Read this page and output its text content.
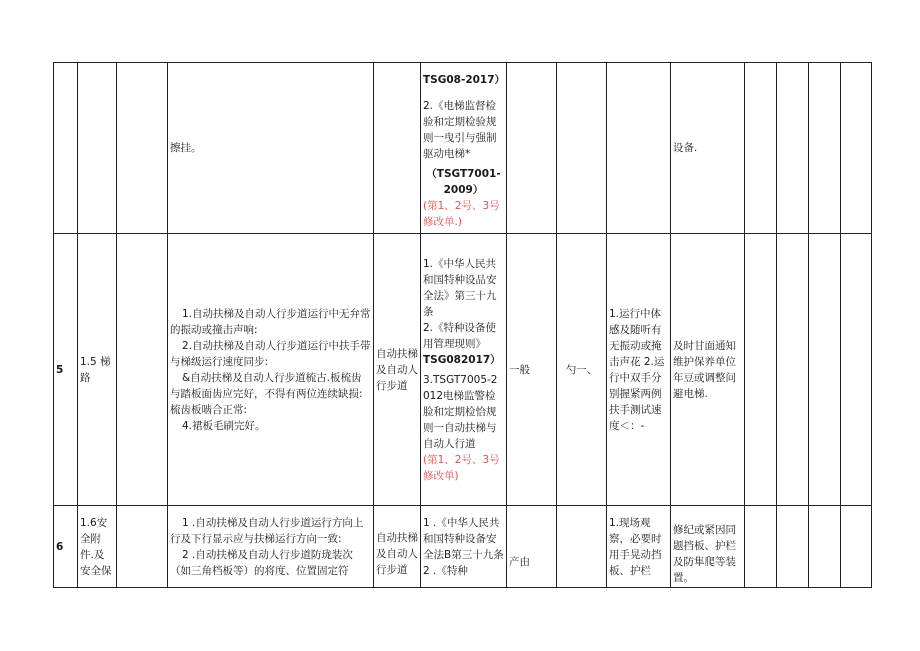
			擦挂。		TSG08-2017）
2.《电梯监督检验和定期检验规则一曳引与强制驱动电梯*
（TSGT7001-2009）
(第1、2号、3号修改单.)				设备.				
5	1.5 梯路		1.自动扶梯及自动人行步道运行中无弁常的振动或撞击声响:
2.自动扶梯及自动人行步道运行中扶手带与梯级运行速度同步:
&自动扶梯及自动人行步道梳古.板梳齿与踏板面齿应完好，不得有两位连续缺损:梳齿板啮合正常:
4.裙板毛刷完好。	自动扶梯及自动人行步道	1.《中华人民共和国特种设品安全法》第三十九条
2.《特种设备使用管理现则》
TSG082017）
3.TSGT7005-2012电梯监警检脸和定期检恰规则一自动扶梯与自动人行道
(第1、2号、3号修改单)	一般	勺一、	1.运行中体感及随听有无振动或掩击声花 2.运行中双手分别握紧两例扶手测试速度＜：-	及时甘面通知维护保养单位年豆或调整问避电梯.				
6	1.6安全附件.及安全保		1 .自动扶梯及自动人行步道运行方向上行及下行显示应与扶梯运行方向一致:
2 .自动扶梯及自动人行步道防珑装次（如三角档板等）的将度、位置固定符	自动扶梯及自动人行步道	1 .《中华人民共和国特种设备安全法B第三十九条
2 .《特种	产由		1.现场观察，必要时用手晃动挡板、护栏	修纪或紧因同题挡板、护栏及防隼爬等装置。				
